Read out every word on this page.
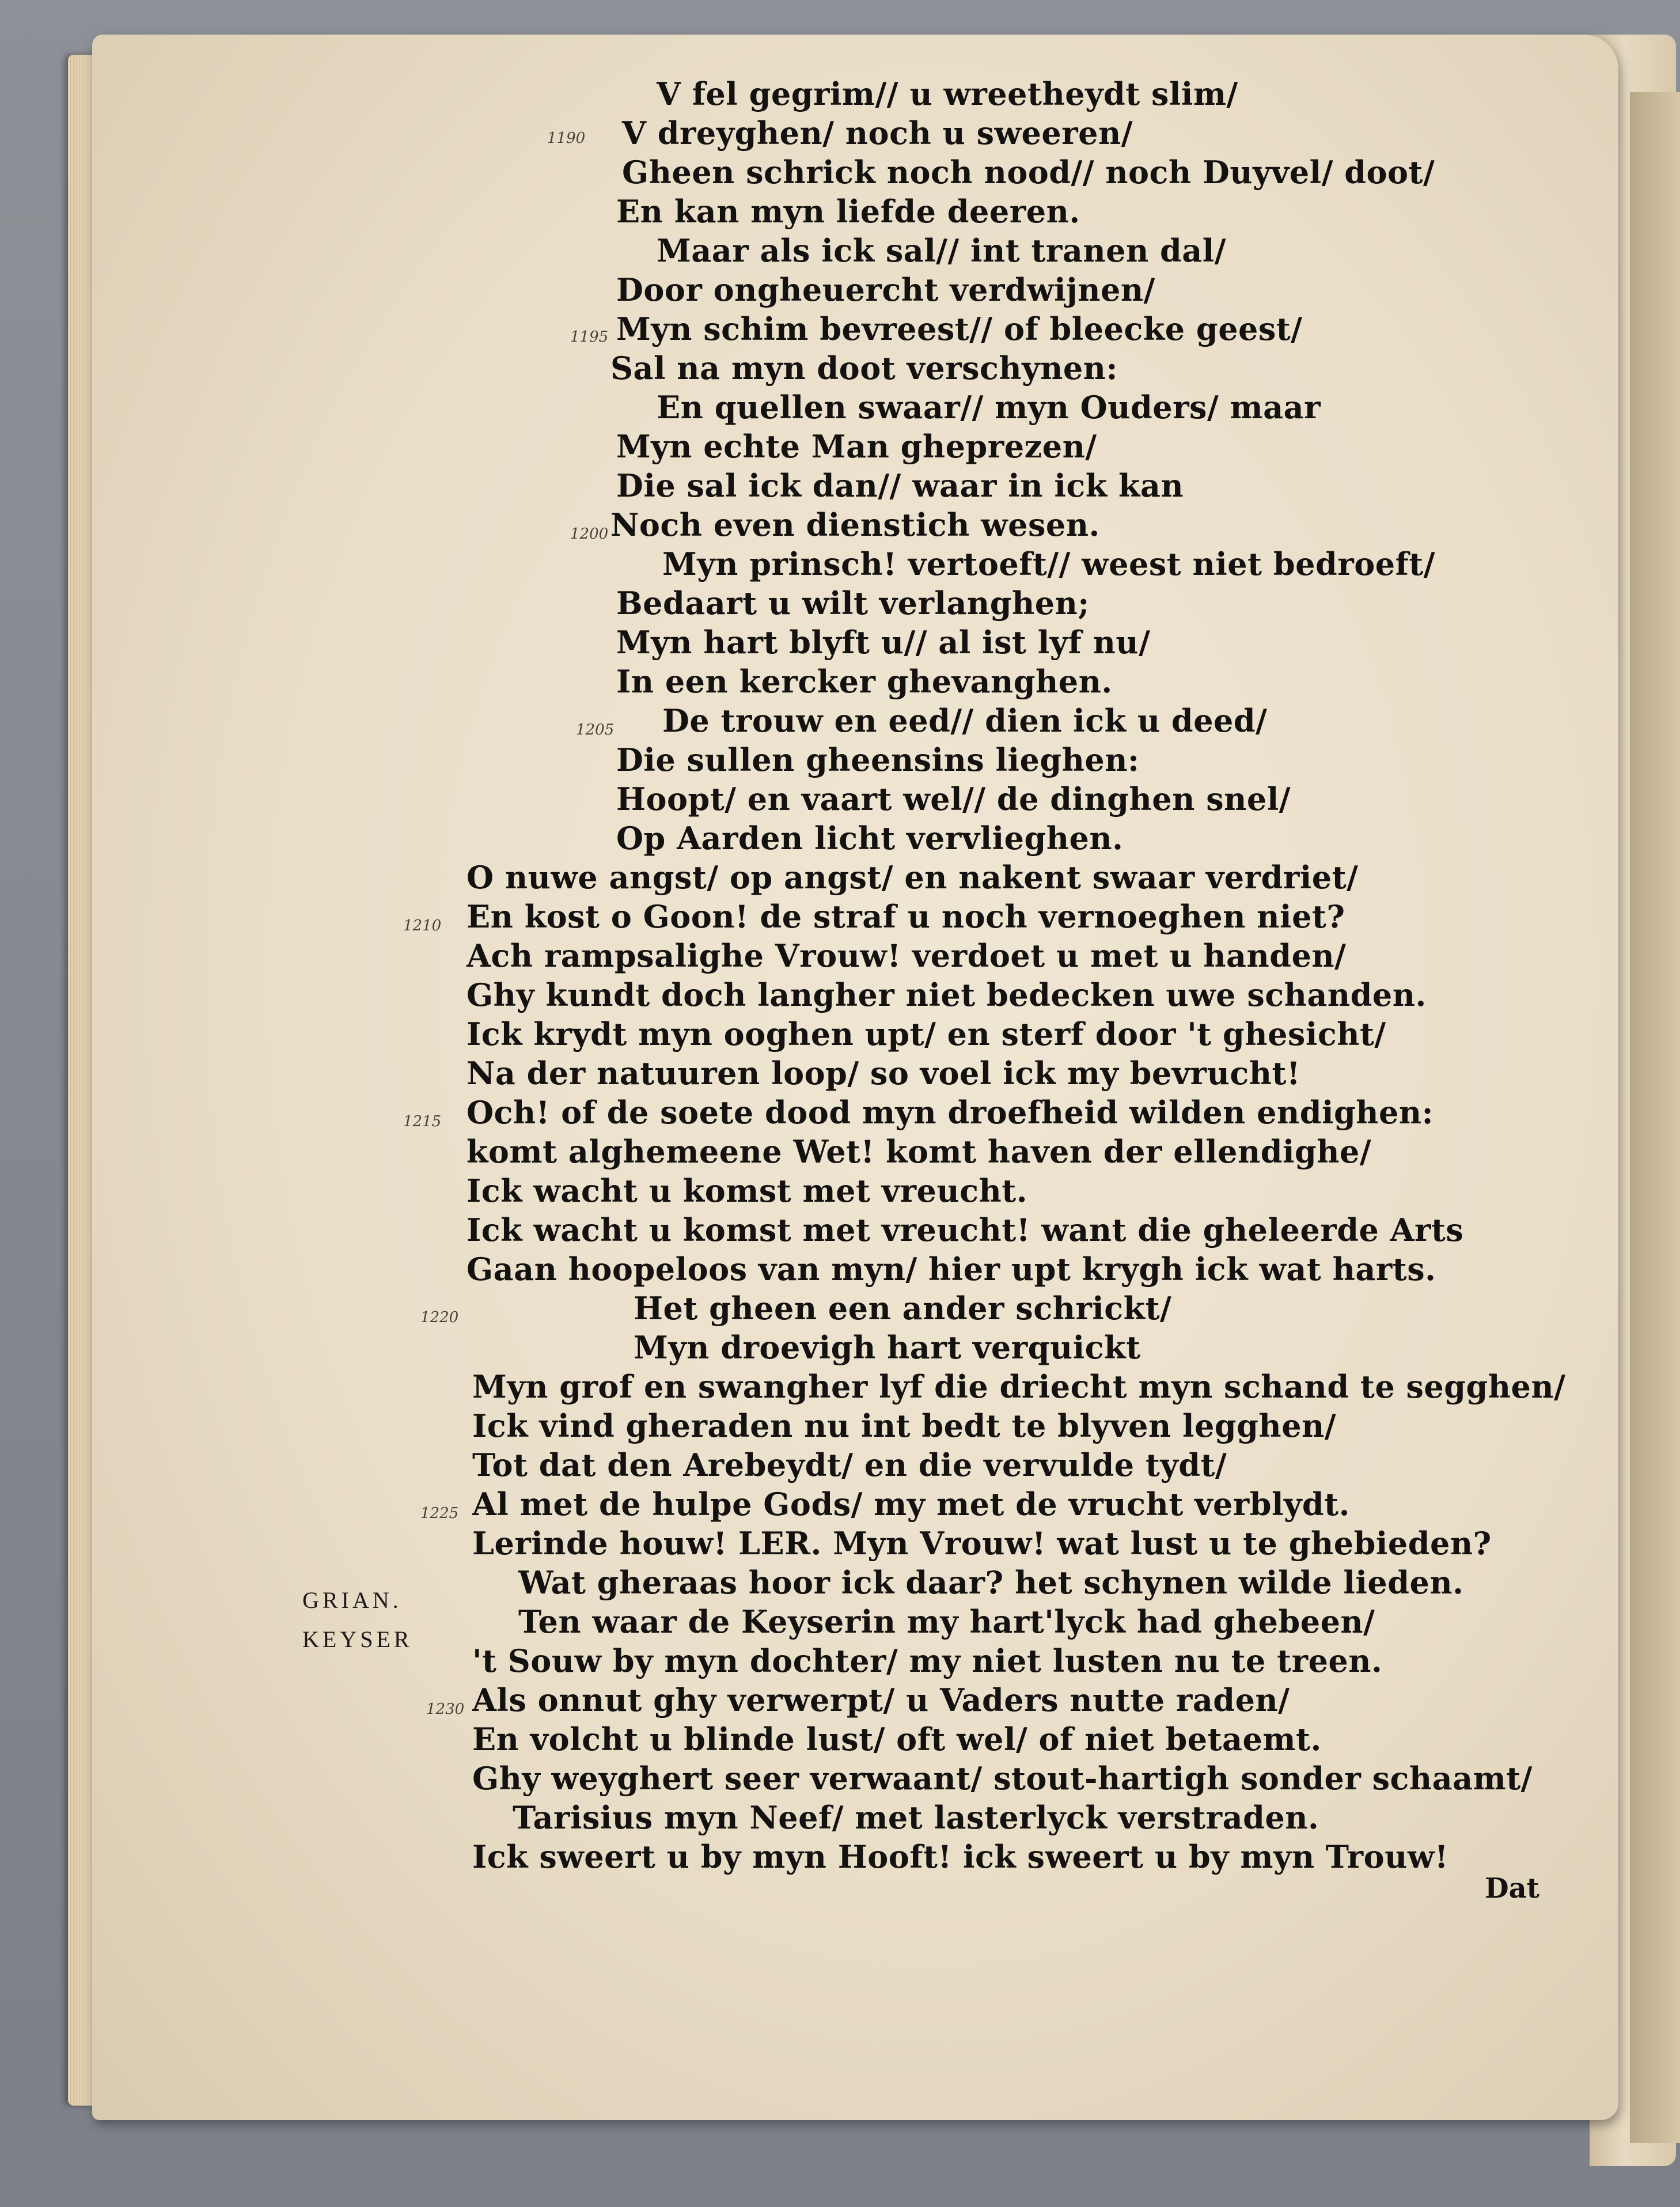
V fel gegrim// u wreetheydt slim/
V dreyghen/ noch u sweeren/
Gheen schrick noch nood// noch Duyvel/ doot/
En kan myn liefde deeren.
Maar als ick sal// int tranen dal/
Door ongheuercht verdwijnen/
Myn schim bevreest// of bleecke geest/
Sal na myn doot verschynen:
En quellen swaar// myn Ouders/ maar
Myn echte Man gheprezen/
Die sal ick dan// waar in ick kan
Noch even dienstich wesen.
Myn prinsch! vertoeft// weest niet bedroeft/
Bedaart u wilt verlanghen;
Myn hart blyft u// al ist lyf nu/
In een kercker ghevanghen.
De trouw en eed// dien ick u deed/
Die sullen gheensins lieghen:
Hoopt/ en vaart wel// de dinghen snel/
Op Aarden licht vervlieghen.
O nuwe angst/ op angst/ en nakent swaar verdriet/
En kost o Goon! de straf u noch vernoeghen niet?
Ach rampsalighe Vrouw! verdoet u met u handen/
Ghy kundt doch langher niet bedecken uwe schanden.
Ick krydt myn ooghen upt/ en sterf door 't ghesicht/
Na der natuuren loop/ so voel ick my bevrucht!
Och! of de soete dood myn droefheid wilden endighen:
komt alghemeene Wet! komt haven der ellendighe/
Ick wacht u komst met vreucht.
Ick wacht u komst met vreucht! want die gheleerde Arts
Gaan hoopeloos van myn/ hier upt krygh ick wat harts.
Het gheen een ander schrickt/
Myn droevigh hart verquickt
Myn grof en swangher lyf die driecht myn schand te segghen/
Ick vind gheraden nu int bedt te blyven legghen/
Tot dat den Arebeydt/ en die vervulde tydt/
Al met de hulpe Gods/ my met de vrucht verblydt.
Lerinde houw! LER. Myn Vrouw! wat lust u te ghebieden?
Wat gheraas hoor ick daar? het schynen wilde lieden.
Ten waar de Keyserin my hart'lyck had ghebeen/
't Souw by myn dochter/ my niet lusten nu te treen.
Als onnut ghy verwerpt/ u Vaders nutte raden/
En volcht u blinde lust/ oft wel/ of niet betaemt.
Ghy weyghert seer verwaant/ stout-hartigh sonder schaamt/
Tarisius myn Neef/ met lasterlyck verstraden.
Ick sweert u by myn Hooft! ick sweert u by myn Trouw!
1190
1195
1200
1205
1210
1215
1220
1225
1230
GRIAN.
KEYSER
Dat
